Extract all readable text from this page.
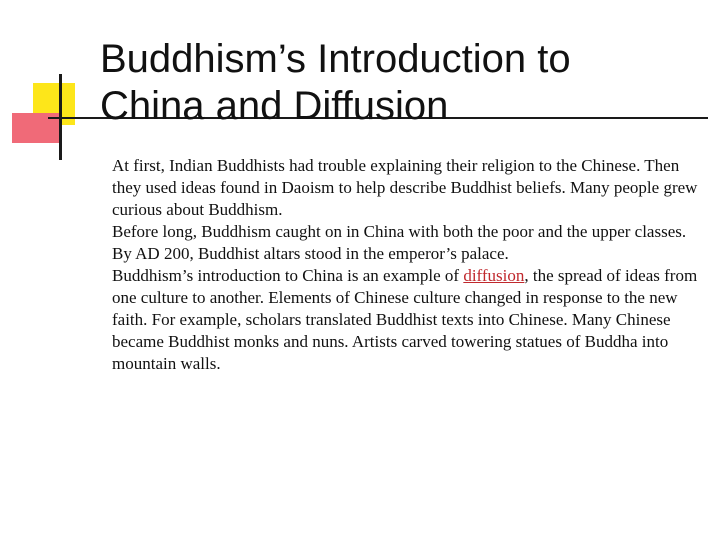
Buddhism’s Introduction to
China and Diffusion

At first, Indian Buddhists had trouble explaining their religion to the Chinese. Then they used ideas found in Daoism to help describe Buddhist beliefs. Many people grew curious about Buddhism.

Before long, Buddhism caught on in China with both the poor and the upper classes. By AD 200, Buddhist altars stood in the emperor’s palace.

Buddhism’s introduction to China is an example of diffusion, the spread of ideas from one culture to another. Elements of Chinese culture changed in response to the new faith. For example, scholars translated Buddhist texts into Chinese. Many Chinese became Buddhist monks and nuns. Artists carved towering statues of Buddha into mountain walls.
